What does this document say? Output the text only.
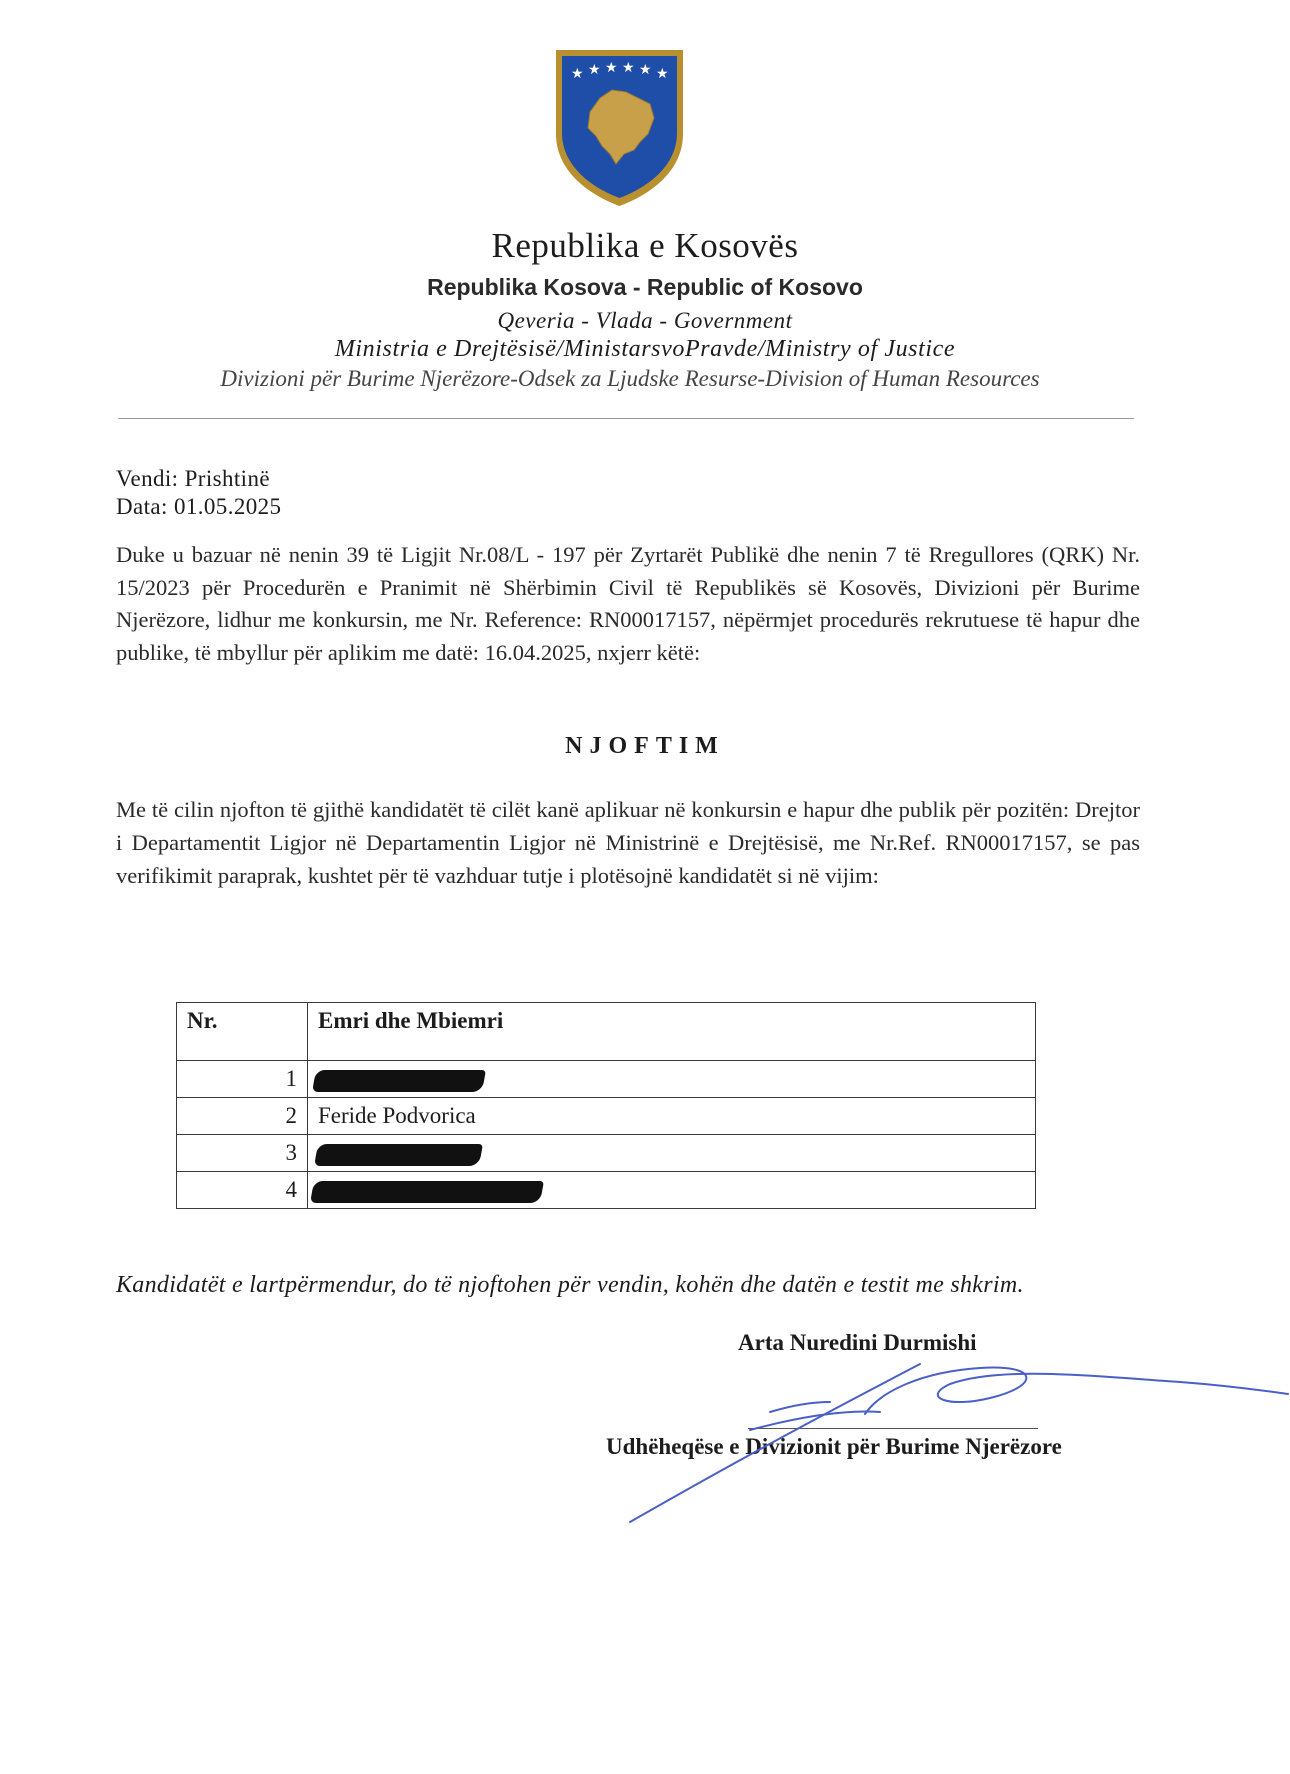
★ ★ ★ ★ ★ ★
Republika e Kosovës
Republika Kosova - Republic of Kosovo
Qeveria - Vlada - Government
Ministria e Drejtësisë/MinistarsvoPravde/Ministry of Justice
Divizioni për Burime Njerëzore-Odsek za Ljudske Resurse-Division of Human Resources
Vendi: Prishtinë
Data: 01.05.2025
Duke u bazuar në nenin 39 të Ligjit Nr.08/L - 197 për Zyrtarët Publikë dhe nenin 7 të Rregullores (QRK) Nr. 15/2023 për Procedurën e Pranimit në Shërbimin Civil të Republikës së Kosovës, Divizioni për Burime Njerëzore, lidhur me konkursin, me Nr. Reference: RN00017157, nëpërmjet procedurës rekrutuese të hapur dhe publike, të mbyllur për aplikim me datë: 16.04.2025, nxjerr këtë:
NJOFTIM
Me të cilin njofton të gjithë kandidatët të cilët kanë aplikuar në konkursin e hapur dhe publik për pozitën: Drejtor i Departamentit Ligjor në Departamentin Ligjor në Ministrinë e Drejtësisë, me Nr.Ref. RN00017157, se pas verifikimit paraprak, kushtet për të vazhduar tutje i plotësojnë kandidatët si në vijim:
Nr.	Emri dhe Mbiemri
1	
2	Feride Podvorica
3	
4	
Kandidatët e lartpërmendur, do të njoftohen për vendin, kohën dhe datën e testit me shkrim.
Arta Nuredini Durmishi
Udhëheqëse e Divizionit për Burime Njerëzore
